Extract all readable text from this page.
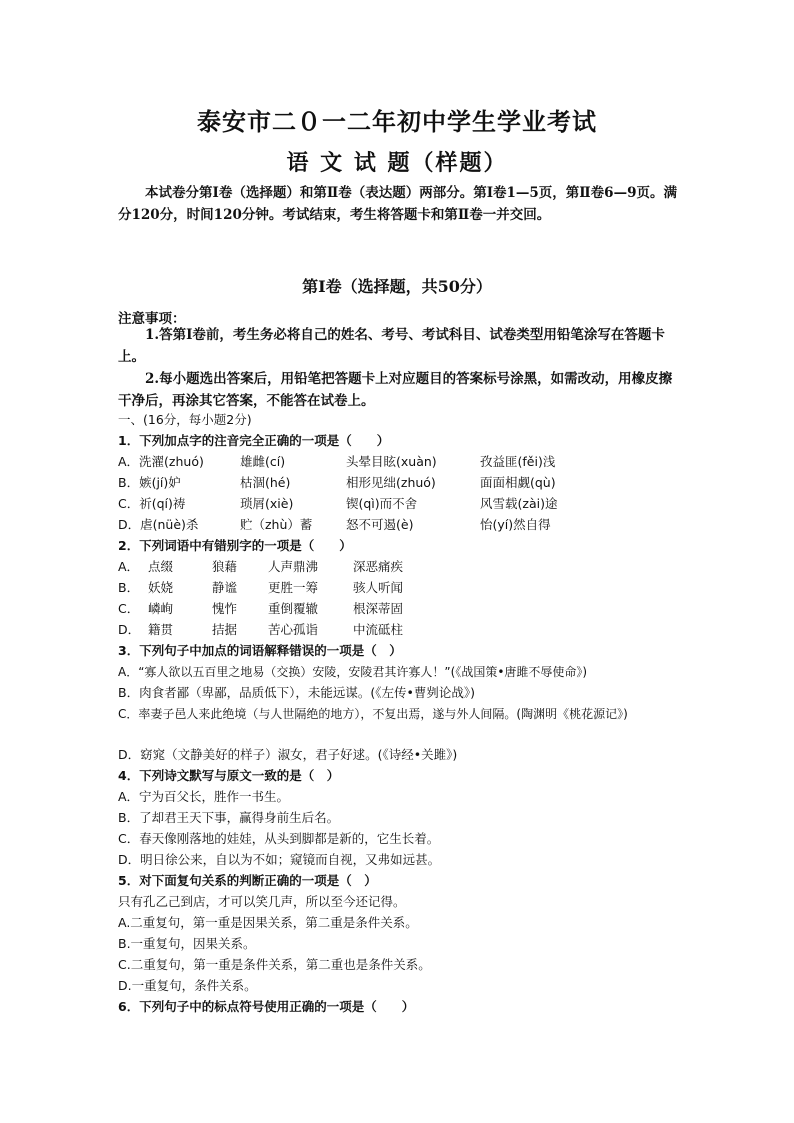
泰安市二０一二年初中学生学业考试
语 文 试 题（样题）
本试卷分第Ⅰ卷（选择题）和第Ⅱ卷（表达题）两部分。第Ⅰ卷1—5页，第Ⅱ卷6—9页。满分120分，时间120分钟。考试结束，考生将答题卡和第Ⅱ卷一并交回。
第Ⅰ卷（选择题，共50分）
注意事项：
1.答第Ⅰ卷前，考生务必将自己的姓名、考号、考试科目、试卷类型用铅笔涂写在答题卡上。
2.每小题选出答案后，用铅笔把答题卡上对应题目的答案标号涂黑，如需改动，用橡皮擦干净后，再涂其它答案，不能答在试卷上。
一、(16分，每小题2分)
1．下列加点字的注音完全正确的一项是（　　）
A．洗濯(zhuó)	雄雌(cí)	头晕目眩(xuàn)	孜益匪(fěi)浅
B．嫉(jí)妒	枯涸(hé)	相形见绌(zhuó)	面面相觑(qù)
C．祈(qí)祷	琐屑(xiè)	锲(qì)而不舍	风雪载(zài)途
D．虐(nüè)杀	贮（zhù）蓄	怒不可遏(è)	怡(yí)然自得
2．下列词语中有错别字的一项是（　　）
A． 点缀	狼藉 人声鼎沸	深恶痛疾
B． 妖娆	静谧 更胜一筹	骇人听闻
C． 嶙峋	愧怍 重倒覆辙	根深蒂固
D． 籍贯	拮据 苦心孤诣	中流砥柱
3．下列句子中加点的词语解释错误的一项是（　）
A．“寡人欲以五百里之地易（交换）安陵，安陵君其许寡人！”(《战国策•唐雎不辱使命》)
B．肉食者鄙（卑鄙，品质低下），未能远谋。(《左传•曹刿论战》)
C．率妻子邑人来此绝境（与人世隔绝的地方），不复出焉，遂与外人间隔。(陶渊明《桃花源记》)
D．窈窕（文静美好的样子）淑女，君子好逑。(《诗经•关雎》)
4．下列诗文默写与原文一致的是（　）
A．宁为百父长，胜作一书生。
B．了却君王天下事，赢得身前生后名。
C．春天像刚落地的娃娃，从头到脚都是新的，它生长着。
D．明日徐公来，自以为不如；窥镜而自视，又弗如远甚。
5．对下面复句关系的判断正确的一项是（　）
只有孔乙己到店，才可以笑几声，所以至今还记得。
A.二重复句，第一重是因果关系，第二重是条件关系。
B.一重复句，因果关系。
C.二重复句，第一重是条件关系，第二重也是条件关系。
D.一重复句，条件关系。
6．下列句子中的标点符号使用正确的一项是（　　）
